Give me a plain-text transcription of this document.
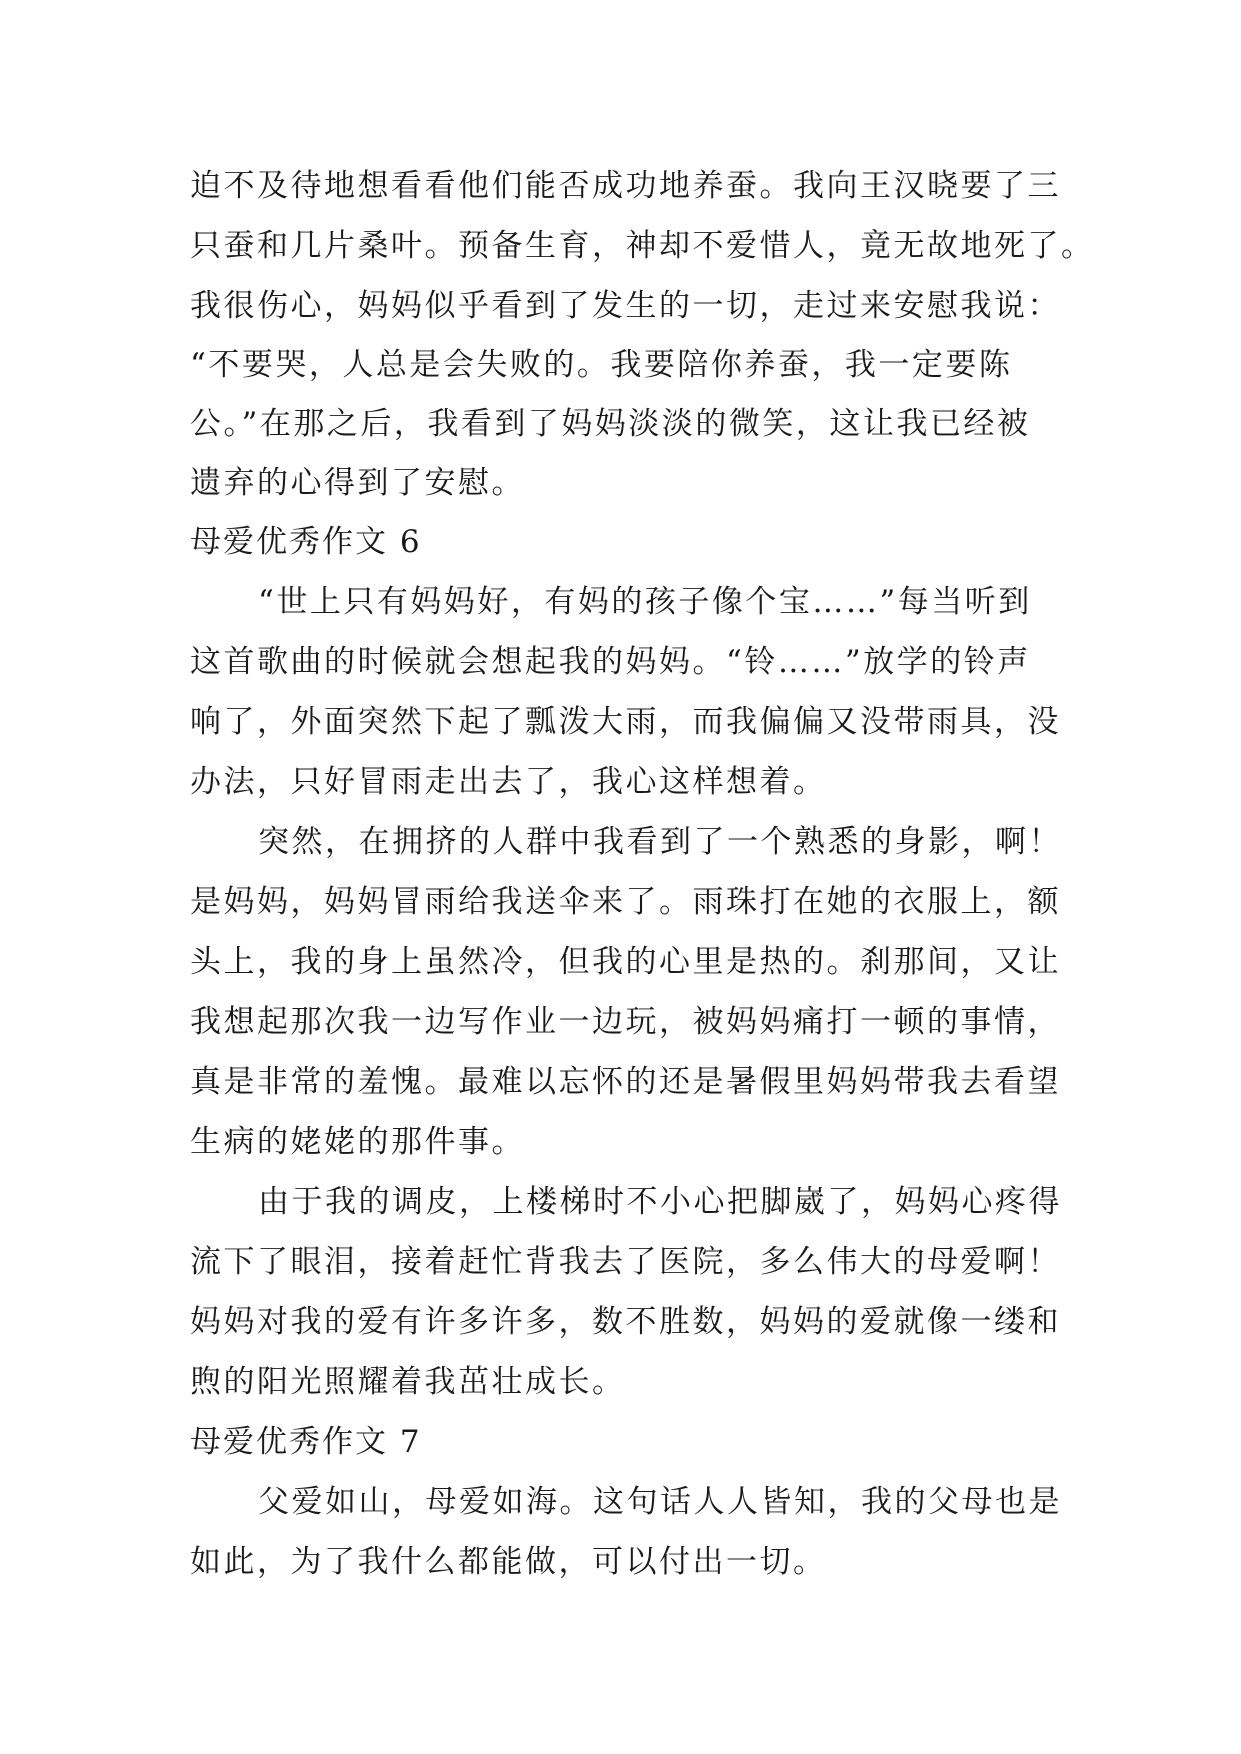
迫不及待地想看看他们能否成功地养蚕。我向王汉晓要了三
只蚕和几片桑叶。预备生育，神却不爱惜人，竟无故地死了。
我很伤心，妈妈似乎看到了发生的一切，走过来安慰我说：
“不要哭，人总是会失败的。我要陪你养蚕，我一定要陈
公。”在那之后，我看到了妈妈淡淡的微笑，这让我已经被
遗弃的心得到了安慰。
母爱优秀作文 6
“世上只有妈妈好，有妈的孩子像个宝……”每当听到
这首歌曲的时候就会想起我的妈妈。“铃……”放学的铃声
响了，外面突然下起了瓢泼大雨，而我偏偏又没带雨具，没
办法，只好冒雨走出去了，我心这样想着。
突然，在拥挤的人群中我看到了一个熟悉的身影，啊！
是妈妈，妈妈冒雨给我送伞来了。雨珠打在她的衣服上，额
头上，我的身上虽然冷，但我的心里是热的。刹那间，又让
我想起那次我一边写作业一边玩，被妈妈痛打一顿的事情，
真是非常的羞愧。最难以忘怀的还是暑假里妈妈带我去看望
生病的姥姥的那件事。
由于我的调皮，上楼梯时不小心把脚崴了，妈妈心疼得
流下了眼泪，接着赶忙背我去了医院，多么伟大的母爱啊！
妈妈对我的爱有许多许多，数不胜数，妈妈的爱就像一缕和
煦的阳光照耀着我茁壮成长。
母爱优秀作文 7
父爱如山，母爱如海。这句话人人皆知，我的父母也是
如此，为了我什么都能做，可以付出一切。
